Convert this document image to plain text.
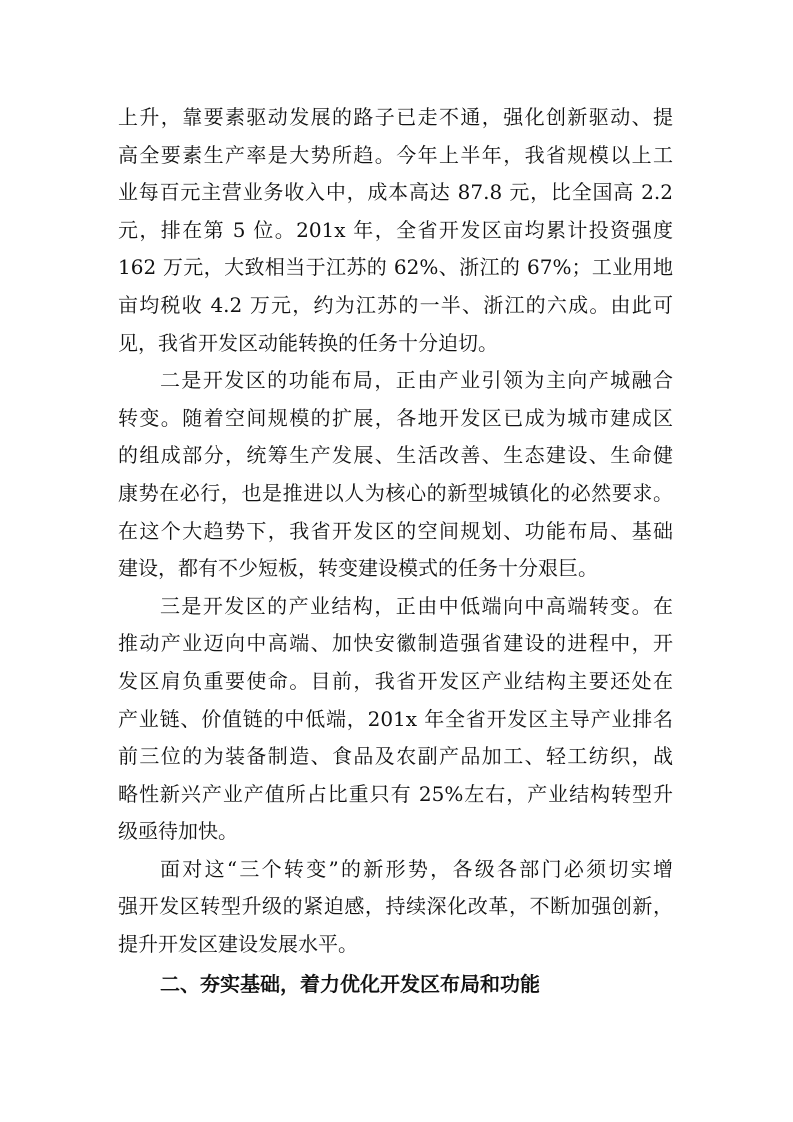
上升，靠要素驱动发展的路子已走不通，强化创新驱动、提
高全要素生产率是大势所趋。今年上半年，我省规模以上工
业每百元主营业务收入中，成本高达 87.8 元，比全国高 2.2
元，排在第 5 位。201x 年，全省开发区亩均累计投资强度
162 万元，大致相当于江苏的 62%、浙江的 67%；工业用地
亩均税收 4.2 万元，约为江苏的一半、浙江的六成。由此可
见，我省开发区动能转换的任务十分迫切。
二是开发区的功能布局，正由产业引领为主向产城融合
转变。随着空间规模的扩展，各地开发区已成为城市建成区
的组成部分，统筹生产发展、生活改善、生态建设、生命健
康势在必行，也是推进以人为核心的新型城镇化的必然要求。
在这个大趋势下，我省开发区的空间规划、功能布局、基础
建设，都有不少短板，转变建设模式的任务十分艰巨。
三是开发区的产业结构，正由中低端向中高端转变。在
推动产业迈向中高端、加快安徽制造强省建设的进程中，开
发区肩负重要使命。目前，我省开发区产业结构主要还处在
产业链、价值链的中低端，201x 年全省开发区主导产业排名
前三位的为装备制造、食品及农副产品加工、轻工纺织，战
略性新兴产业产值所占比重只有 25%左右，产业结构转型升
级亟待加快。
面对这“三个转变”的新形势，各级各部门必须切实增
强开发区转型升级的紧迫感，持续深化改革，不断加强创新，
提升开发区建设发展水平。
二、夯实基础，着力优化开发区布局和功能
